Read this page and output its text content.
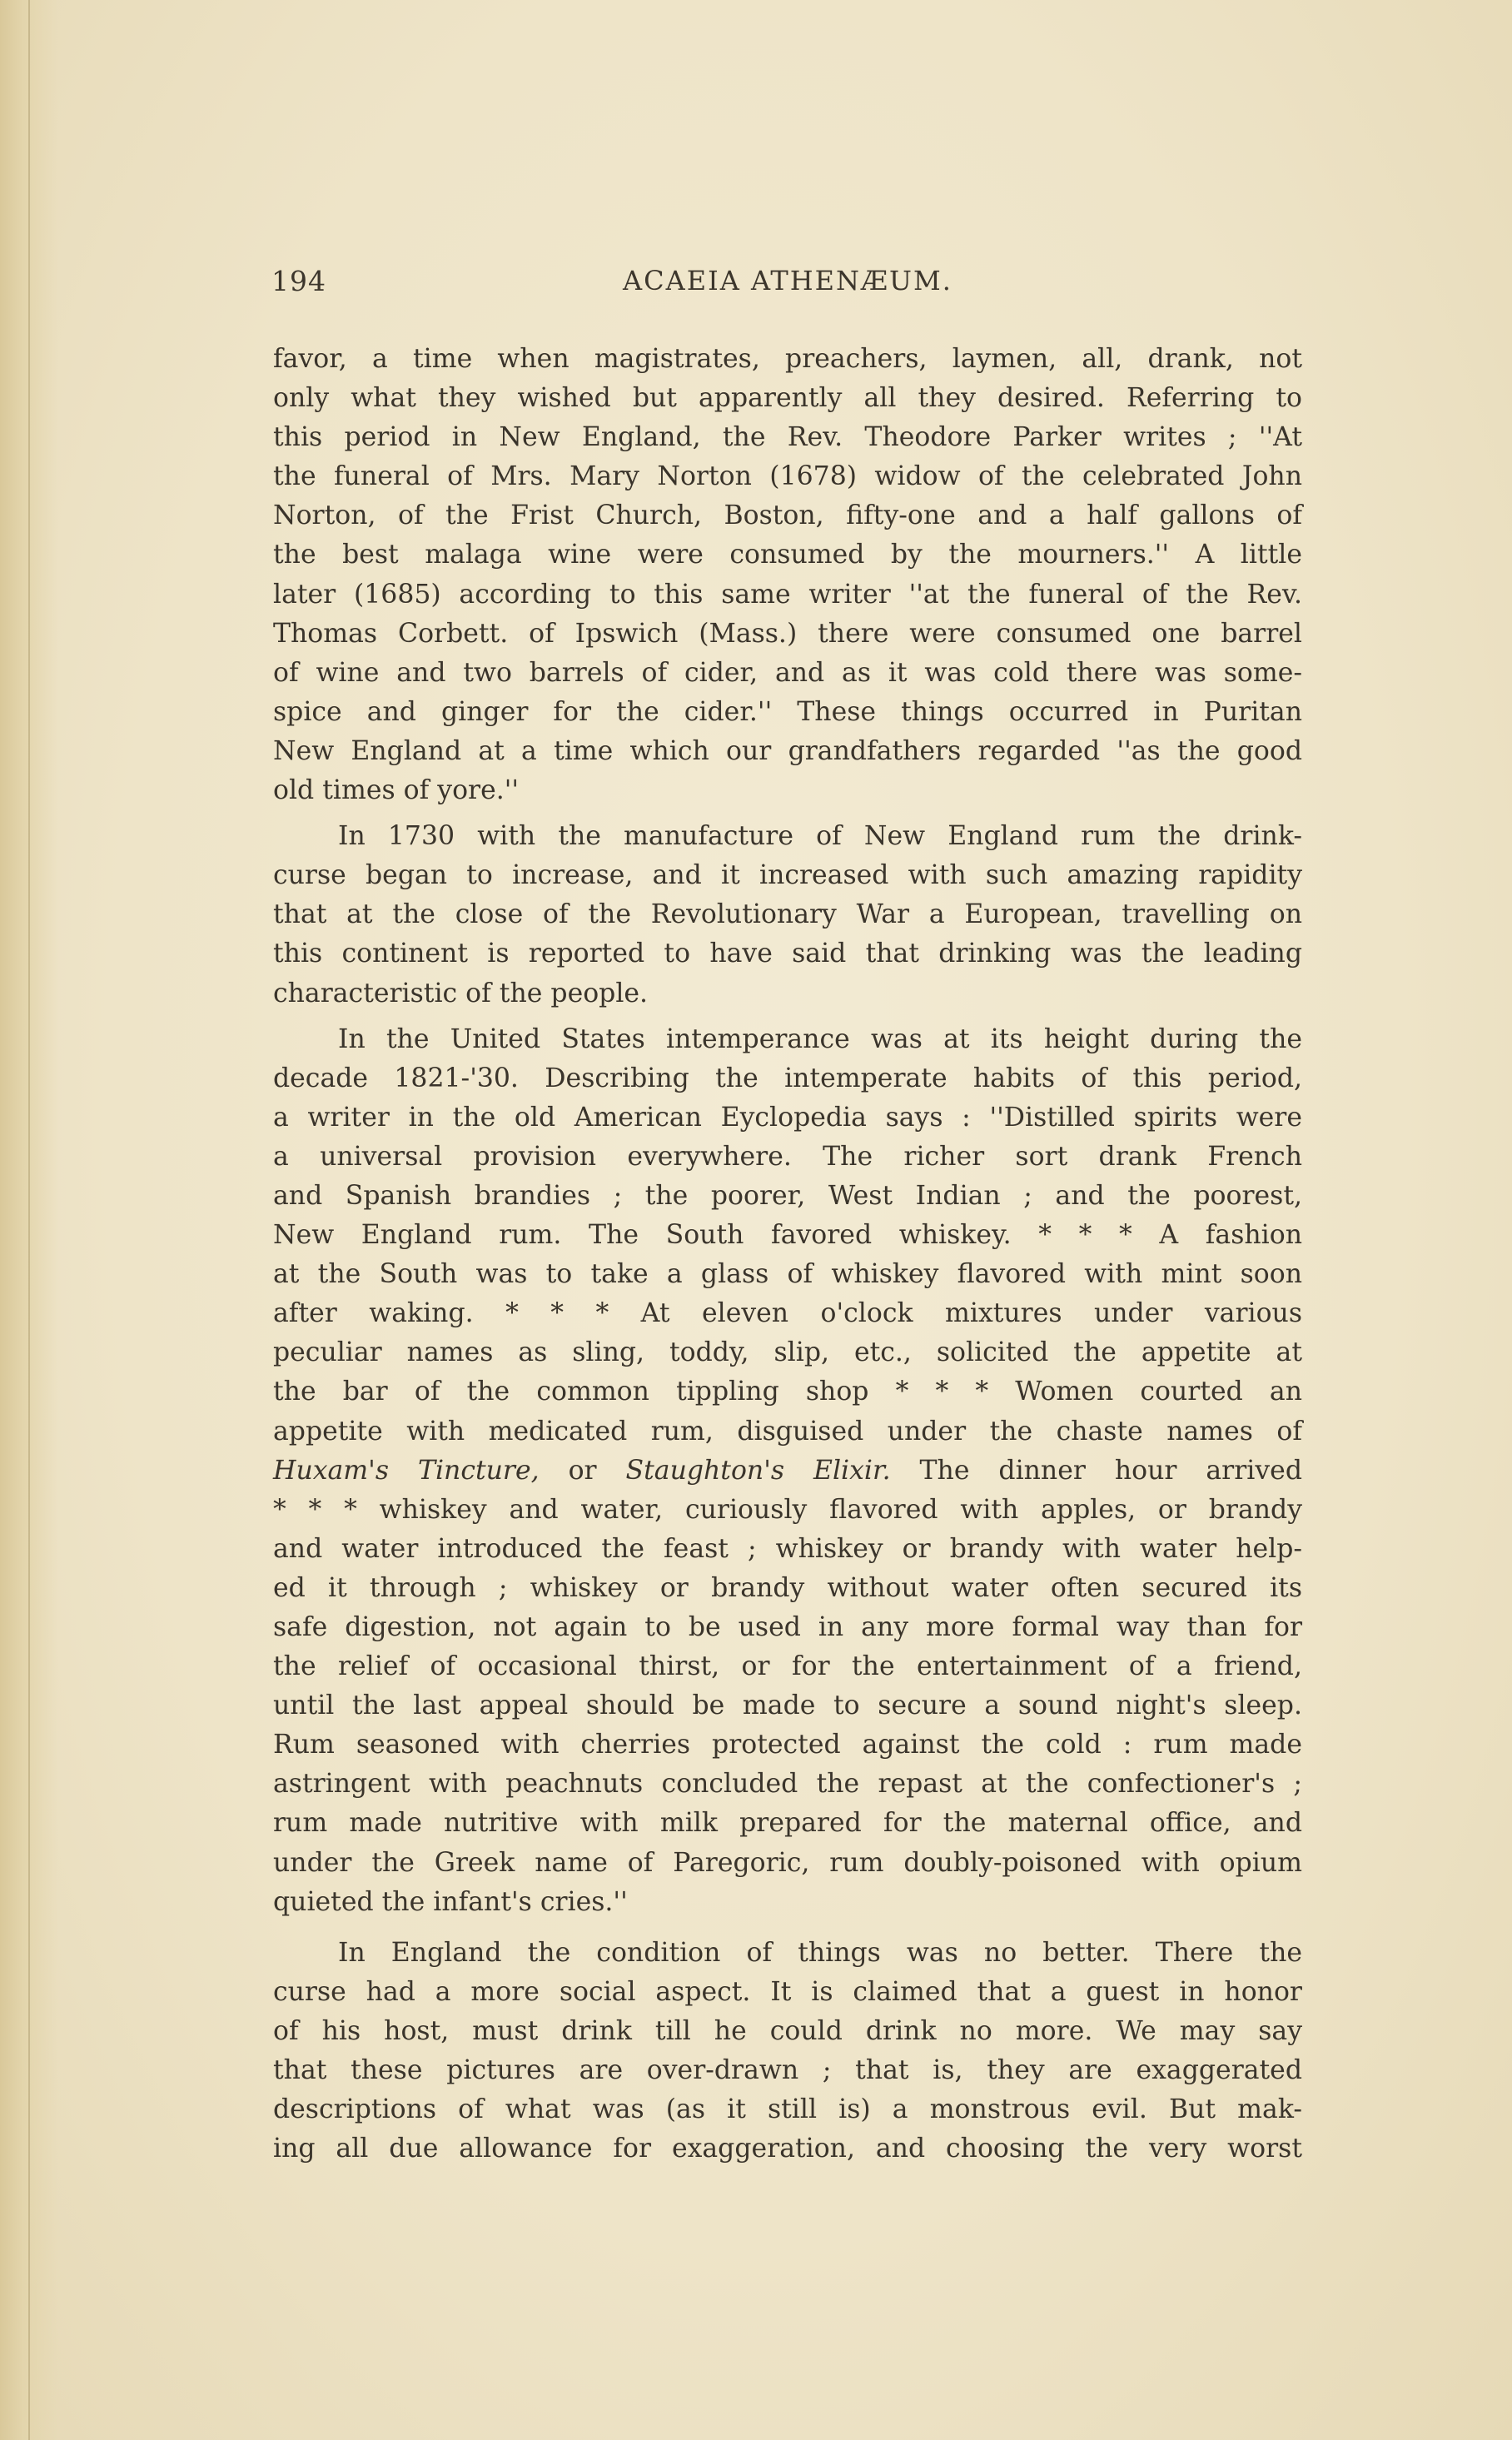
194	ACAEIA ATHENÆUM.
favor, a time when magistrates, preachers, laymen, all, drank, not
only what they wished but apparently all they desired. Referring to
this period in New England, the Rev. Theodore Parker writes ; ''At
the funeral of Mrs. Mary Norton (1678) widow of the celebrated John
Norton, of the Frist Church, Boston, fifty-one and a half gallons of
the best malaga wine were consumed by the mourners.'' A little
later (1685) according to this same writer ''at the funeral of the Rev.
Thomas Corbett. of Ipswich (Mass.) there were consumed one barrel
of wine and two barrels of cider, and as it was cold there was some-
spice and ginger for the cider.'' These things occurred in Puritan
New England at a time which our grandfathers regarded ''as the good
old times of yore.''
In 1730 with the manufacture of New England rum the drink-
curse began to increase, and it increased with such amazing rapidity
that at the close of the Revolutionary War a European, travelling on
this continent is reported to have said that drinking was the leading
characteristic of the people.
In the United States intemperance was at its height during the
decade 1821-'30. Describing the intemperate habits of this period,
a writer in the old American Eyclopedia says : ''Distilled spirits were
a universal provision everywhere. The richer sort drank French
and Spanish brandies ; the poorer, West Indian ; and the poorest,
New England rum. The South favored whiskey. * * * A fashion
at the South was to take a glass of whiskey flavored with mint soon
after waking. * * * At eleven o'clock mixtures under various
peculiar names as sling, toddy, slip, etc., solicited the appetite at
the bar of the common tippling shop * * * Women courted an
appetite with medicated rum, disguised under the chaste names of
Huxam's Tincture, or Staughton's Elixir. The dinner hour arrived
* * * whiskey and water, curiously flavored with apples, or brandy
and water introduced the feast ; whiskey or brandy with water help-
ed it through ; whiskey or brandy without water often secured its
safe digestion, not again to be used in any more formal way than for
the relief of occasional thirst, or for the entertainment of a friend,
until the last appeal should be made to secure a sound night's sleep.
Rum seasoned with cherries protected against the cold : rum made
astringent with peachnuts concluded the repast at the confectioner's ;
rum made nutritive with milk prepared for the maternal office, and
under the Greek name of Paregoric, rum doubly-poisoned with opium
quieted the infant's cries.''
In England the condition of things was no better. There the
curse had a more social aspect. It is claimed that a guest in honor
of his host, must drink till he could drink no more. We may say
that these pictures are over-drawn ; that is, they are exaggerated
descriptions of what was (as it still is) a monstrous evil. But mak-
ing all due allowance for exaggeration, and choosing the very worst
